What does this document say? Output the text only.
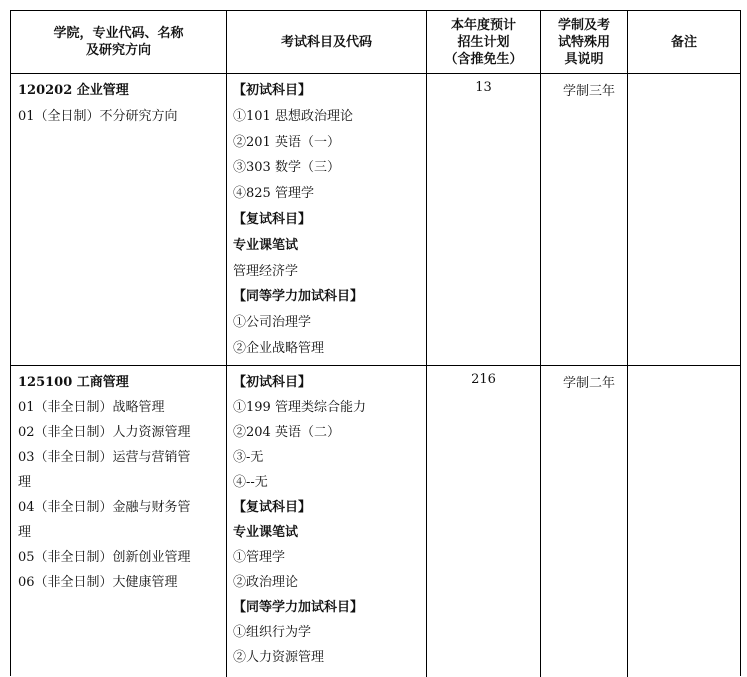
学院，专业代码、名称
及研究方向
考试科目及代码
本年度预计
招生计划
（含推免生）
学制及考
试特殊用
具说明
备注
120202 企业管理
01（全日制）不分研究方向
【初试科目】
①101 思想政治理论
②201 英语（一）
③303 数学（三）
④825 管理学
【复试科目】
专业课笔试
管理经济学
【同等学力加试科目】
①公司治理学
②企业战略管理
13	学制三年
125100 工商管理
01（非全日制）战略管理
02（非全日制）人力资源管理
03（非全日制）运营与营销管
理
04（非全日制）金融与财务管
理
05（非全日制）创新创业管理
06（非全日制）大健康管理
【初试科目】
①199 管理类综合能力
②204 英语（二）
③-无
④--无
【复试科目】
专业课笔试
①管理学
②政治理论
【同等学力加试科目】
①组织行为学
②人力资源管理
216	学制二年
